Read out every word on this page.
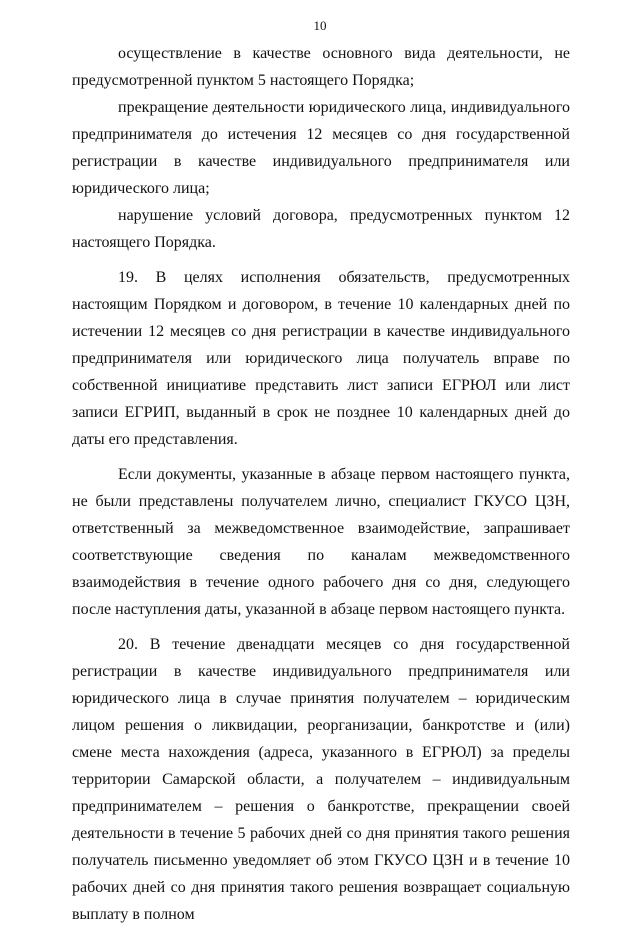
10

осуществление в качестве основного вида деятельности, не предусмотренной пунктом 5 настоящего Порядка;

прекращение деятельности юридического лица, индивидуального предпринимателя до истечения 12 месяцев со дня государственной регистрации в качестве индивидуального предпринимателя или юридического лица;

нарушение условий договора, предусмотренных пунктом 12 настоящего Порядка.

19. В целях исполнения обязательств, предусмотренных настоящим Порядком и договором, в течение 10 календарных дней по истечении 12 месяцев со дня регистрации в качестве индивидуального предпринимателя или юридического лица получатель вправе по собственной инициативе представить лист записи ЕГРЮЛ или лист записи ЕГРИП, выданный в срок не позднее 10 календарных дней до даты его представления.

Если документы, указанные в абзаце первом настоящего пункта, не были представлены получателем лично, специалист ГКУСО ЦЗН, ответственный за межведомственное взаимодействие, запрашивает соответствующие сведения по каналам межведомственного взаимодействия в течение одного рабочего дня со дня, следующего после наступления даты, указанной в абзаце первом настоящего пункта.

20. В течение двенадцати месяцев со дня государственной регистрации в качестве индивидуального предпринимателя или юридического лица в случае принятия получателем – юридическим лицом решения о ликвидации, реорганизации, банкротстве и (или) смене места нахождения (адреса, указанного в ЕГРЮЛ) за пределы территории Самарской области, а получателем – индивидуальным предпринимателем – решения о банкротстве, прекращении своей деятельности в течение 5 рабочих дней со дня принятия такого решения получатель письменно уведомляет об этом ГКУСО ЦЗН и в течение 10 рабочих дней со дня принятия такого решения возвращает социальную выплату в полном
